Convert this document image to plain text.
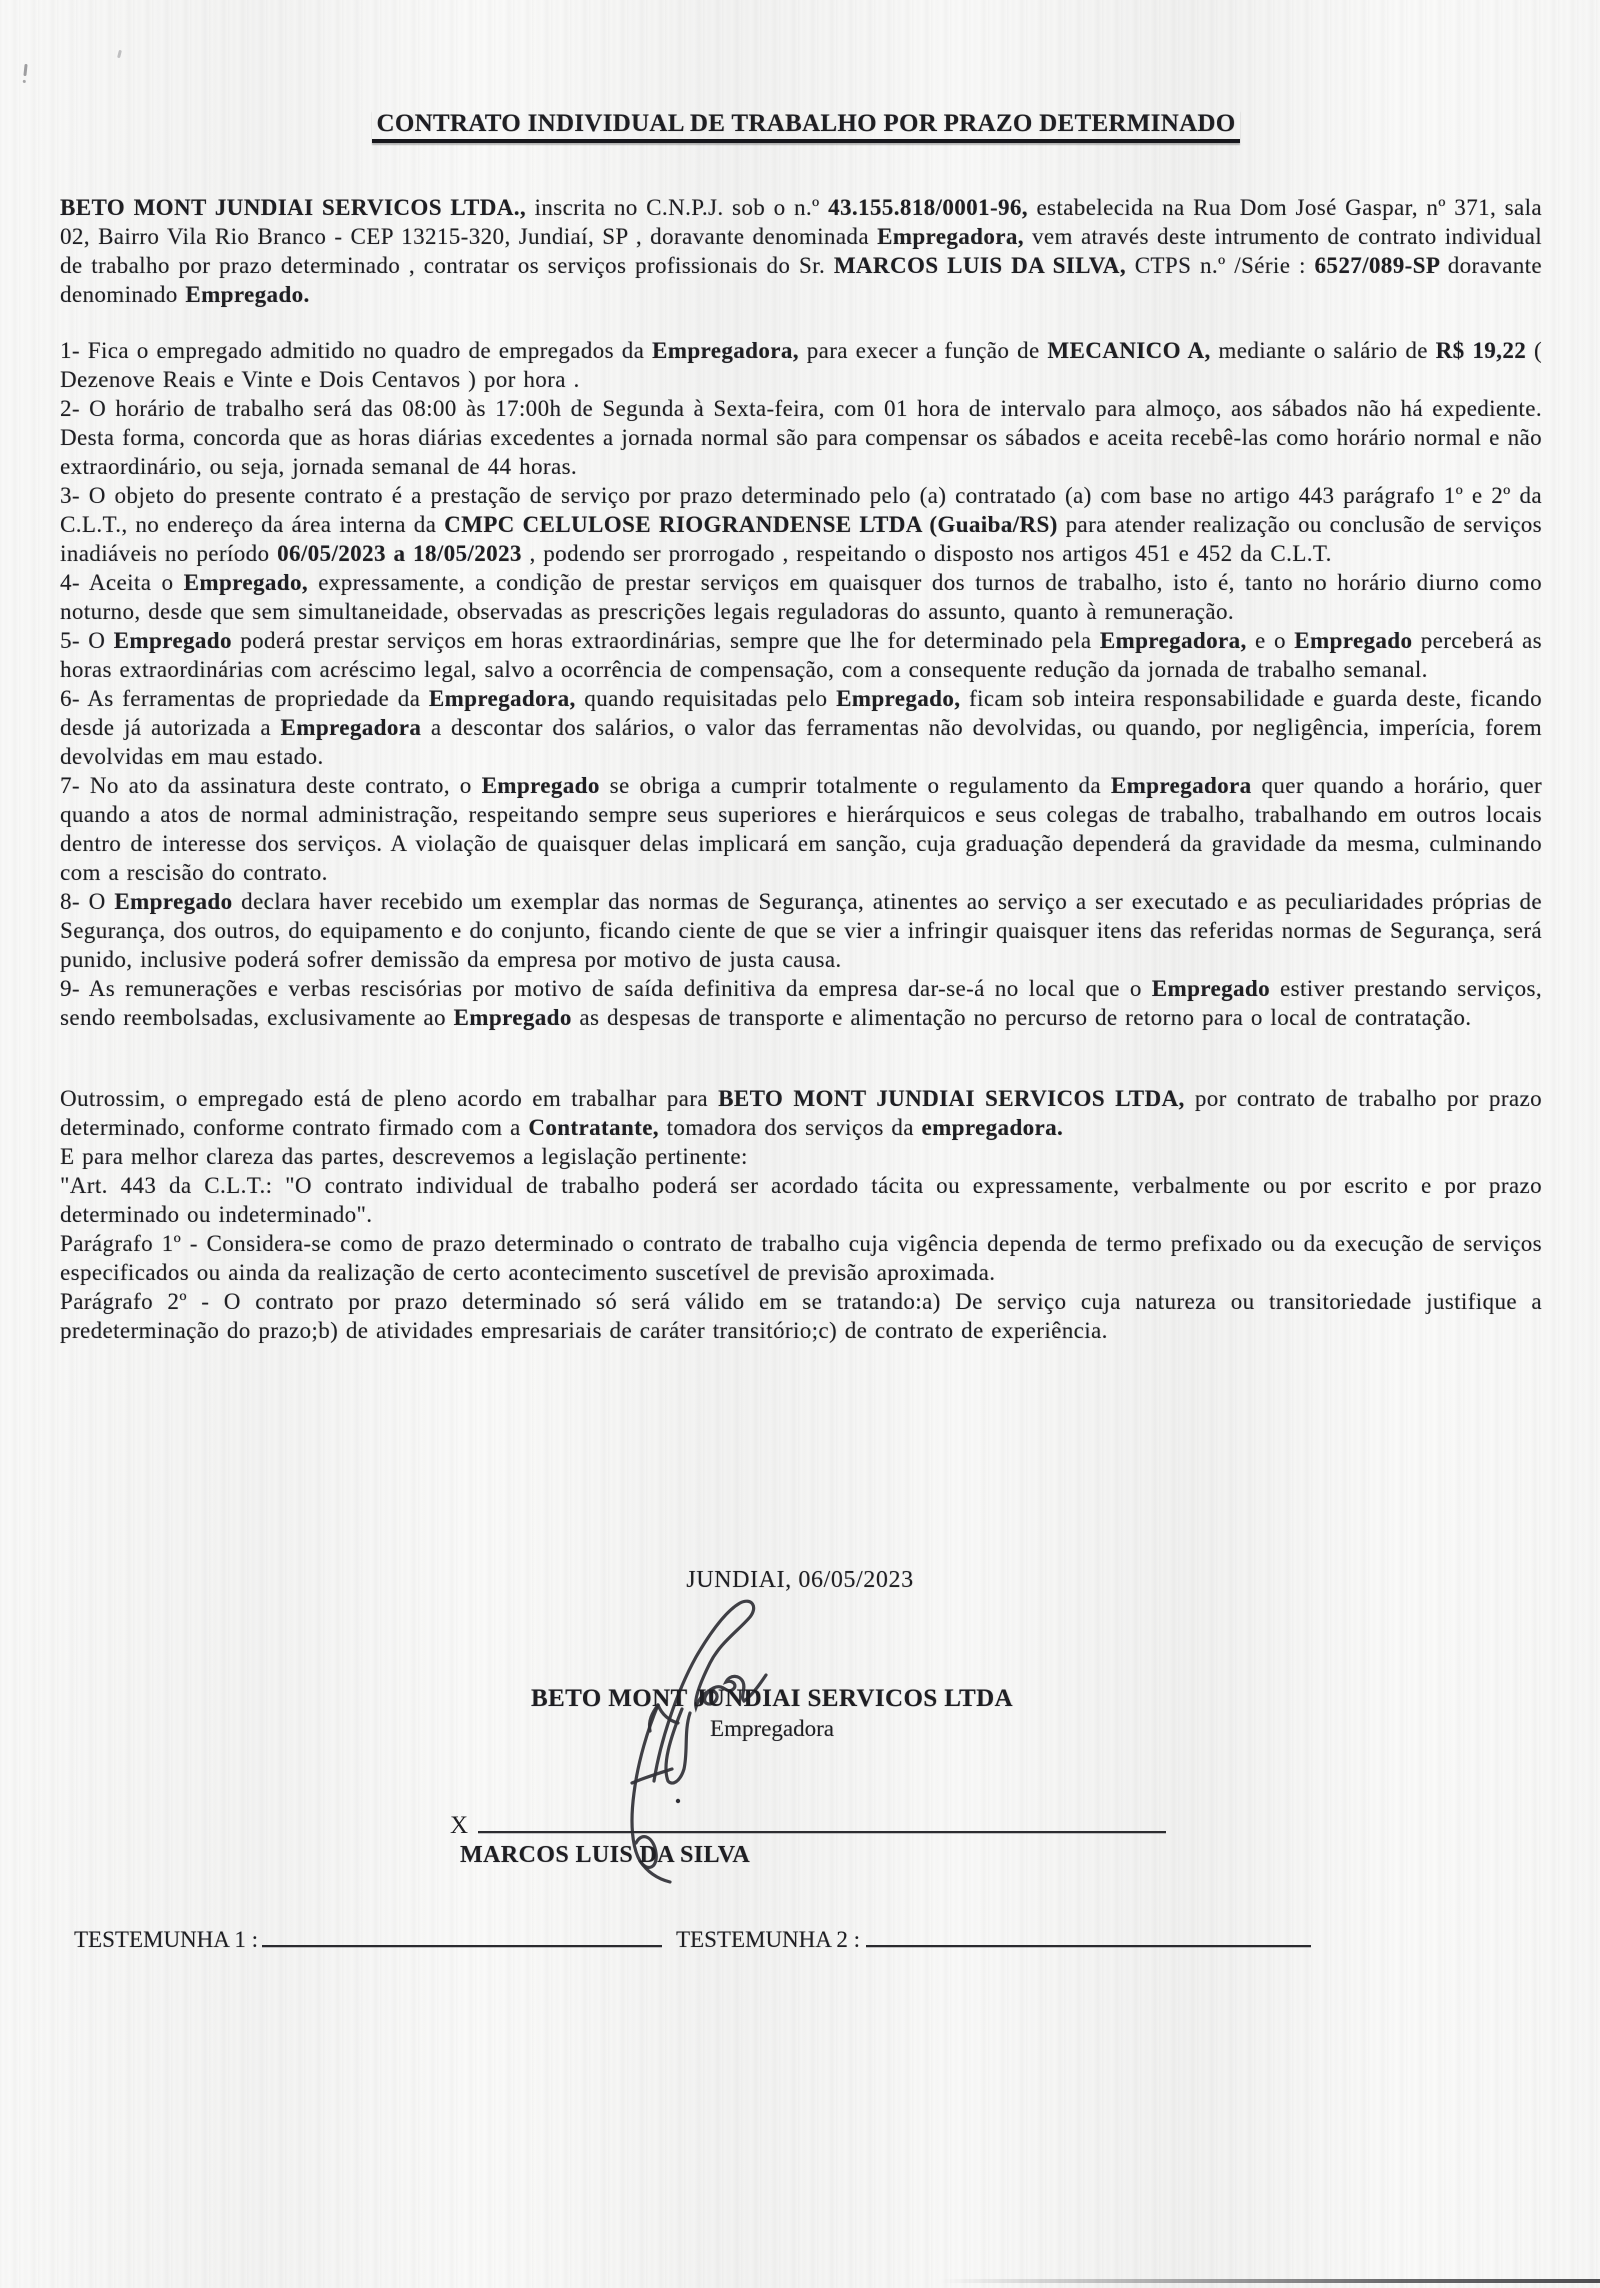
CONTRATO INDIVIDUAL DE TRABALHO POR PRAZO DETERMINADO

BETO MONT JUNDIAI SERVICOS LTDA., inscrita no C.N.P.J. sob o n.º 43.155.818/0001-96, estabelecida na Rua Dom José Gaspar, nº 371, sala 02, Bairro Vila Rio Branco - CEP 13215-320, Jundiaí, SP , doravante denominada Empregadora, vem através deste intrumento de contrato individual de trabalho por prazo determinado , contratar os serviços profissionais do Sr. MARCOS LUIS DA SILVA, CTPS n.º /Série : 6527/089-SP doravante denominado Empregado.

1- Fica o empregado admitido no quadro de empregados da Empregadora, para execer a função de MECANICO A, mediante o salário de R$ 19,22 ( Dezenove Reais e Vinte e Dois Centavos ) por hora .

2- O horário de trabalho será das 08:00 às 17:00h de Segunda à Sexta-feira, com 01 hora de intervalo para almoço, aos sábados não há expediente. Desta forma, concorda que as horas diárias excedentes a jornada normal são para compensar os sábados e aceita recebê-las como horário normal e não extraordinário, ou seja, jornada semanal de 44 horas.

3- O objeto do presente contrato é a prestação de serviço por prazo determinado pelo (a) contratado (a) com base no artigo 443 parágrafo 1º e 2º da C.L.T., no endereço da área interna da CMPC CELULOSE RIOGRANDENSE LTDA (Guaiba/RS) para atender realização ou conclusão de serviços inadiáveis no período 06/05/2023 a 18/05/2023 , podendo ser prorrogado , respeitando o disposto nos artigos 451 e 452 da C.L.T.

4- Aceita o Empregado, expressamente, a condição de prestar serviços em quaisquer dos turnos de trabalho, isto é, tanto no horário diurno como noturno, desde que sem simultaneidade, observadas as prescrições legais reguladoras do assunto, quanto à remuneração.

5- O Empregado poderá prestar serviços em horas extraordinárias, sempre que lhe for determinado pela Empregadora, e o Empregado perceberá as horas extraordinárias com acréscimo legal, salvo a ocorrência de compensação, com a consequente redução da jornada de trabalho semanal.

6- As ferramentas de propriedade da Empregadora, quando requisitadas pelo Empregado, ficam sob inteira responsabilidade e guarda deste, ficando desde já autorizada a Empregadora a descontar dos salários, o valor das ferramentas não devolvidas, ou quando, por negligência, imperícia, forem devolvidas em mau estado.

7- No ato da assinatura deste contrato, o Empregado se obriga a cumprir totalmente o regulamento da Empregadora quer quando a horário, quer quando a atos de normal administração, respeitando sempre seus superiores e hierárquicos e seus colegas de trabalho, trabalhando em outros locais dentro de interesse dos serviços. A violação de quaisquer delas implicará em sanção, cuja graduação dependerá da gravidade da mesma, culminando com a rescisão do contrato.

8- O Empregado declara haver recebido um exemplar das normas de Segurança, atinentes ao serviço a ser executado e as peculiaridades próprias de Segurança, dos outros, do equipamento e do conjunto, ficando ciente de que se vier a infringir quaisquer itens das referidas normas de Segurança, será punido, inclusive poderá sofrer demissão da empresa por motivo de justa causa.

9- As remunerações e verbas rescisórias por motivo de saída definitiva da empresa dar-se-á no local que o Empregado estiver prestando serviços, sendo reembolsadas, exclusivamente ao Empregado as despesas de transporte e alimentação no percurso de retorno para o local de contratação.

Outrossim, o empregado está de pleno acordo em trabalhar para BETO MONT JUNDIAI SERVICOS LTDA, por contrato de trabalho por prazo determinado, conforme contrato firmado com a Contratante, tomadora dos serviços da empregadora.

E para melhor clareza das partes, descrevemos a legislação pertinente:

"Art. 443 da C.L.T.: "O contrato individual de trabalho poderá ser acordado tácita ou expressamente, verbalmente ou por escrito e por prazo determinado ou indeterminado".

Parágrafo 1º - Considera-se como de prazo determinado o contrato de trabalho cuja vigência dependa de termo prefixado ou da execução de serviços especificados ou ainda da realização de certo acontecimento suscetível de previsão aproximada.

Parágrafo 2º - O contrato por prazo determinado só será válido em se tratando:a) De serviço cuja natureza ou transitoriedade justifique a predeterminação do prazo;b) de atividades empresariais de caráter transitório;c) de contrato de experiência.

JUNDIAI, 06/05/2023
BETO MONT JUNDIAI SERVICOS LTDA
Empregadora
X
MARCOS LUIS DA SILVA
TESTEMUNHA 1 :	TESTEMUNHA 2 :
